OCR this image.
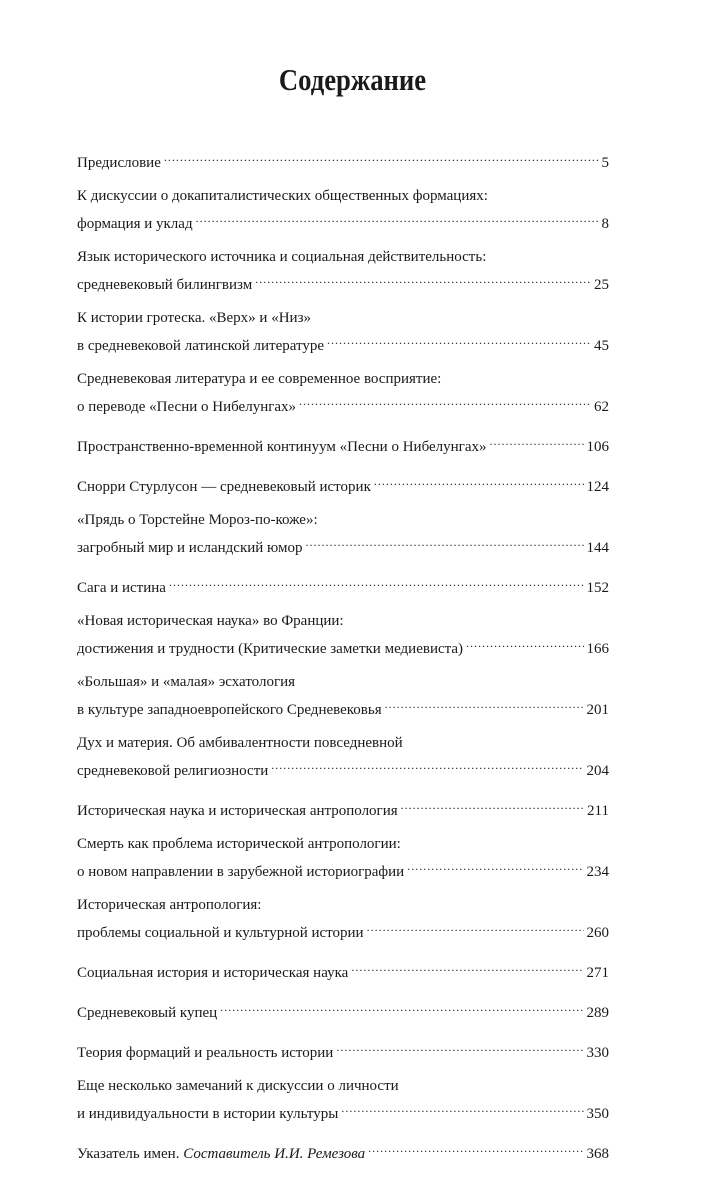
Содержание
Предисловие .....	5
К дискуссии о докапиталистических общественных формациях:
формация и уклад .....	8
Язык исторического источника и социальная действительность:
средневековый билингвизм .....	25
К истории гротеска. «Верх» и «Низ»
в средневековой латинской литературе .....	45
Средневековая литература и ее современное восприятие:
о переводе «Песни о Нибелунгах» .....	62
Пространственно-временной континуум «Песни о Нибелунгах» .....	106
Снорри Стурлусон — средневековый историк .....	124
«Прядь о Торстейне Мороз-по-коже»:
загробный мир и исландский юмор .....	144
Сага и истина .....	152
«Новая историческая наука» во Франции:
достижения и трудности (Критические заметки медиевиста) .....	166
«Большая» и «малая» эсхатология
в культуре западноевропейского Средневековья .....	201
Дух и материя. Об амбивалентности повседневной
средневековой религиозности .....	204
Историческая наука и историческая антропология .....	211
Смерть как проблема исторической антропологии:
о новом направлении в зарубежной историографии .....	234
Историческая антропология:
проблемы социальной и культурной истории .....	260
Социальная история и историческая наука .....	271
Средневековый купец .....	289
Теория формаций и реальность истории .....	330
Еще несколько замечаний к дискуссии о личности
и индивидуальности в истории культуры .....	350
Указатель имен. Составитель И.И. Ремезова .....	368
